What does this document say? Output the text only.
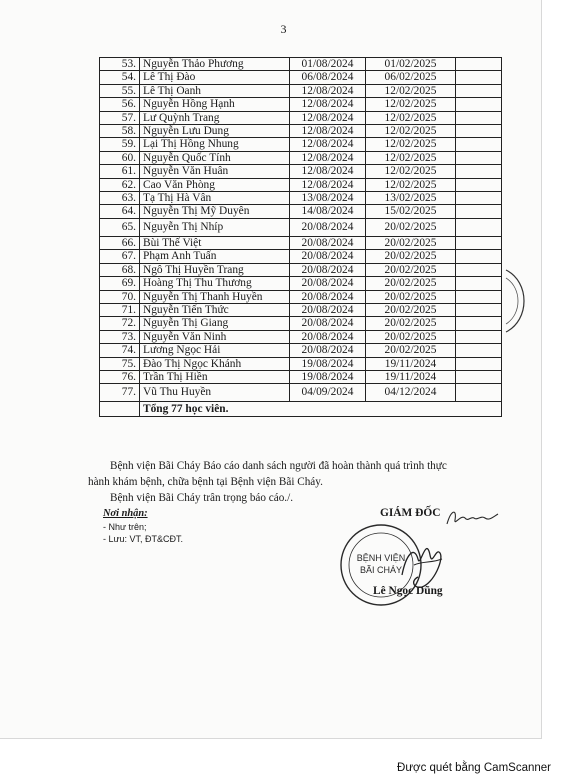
3
53.	Nguyễn Thảo Phương	01/08/2024	01/02/2025	
54.	Lê Thị Đào	06/08/2024	06/02/2025	
55.	Lê Thị Oanh	12/08/2024	12/02/2025	
56.	Nguyễn Hồng Hạnh	12/08/2024	12/02/2025	
57.	Lư Quỳnh Trang	12/08/2024	12/02/2025	
58.	Nguyễn Lưu Dung	12/08/2024	12/02/2025	
59.	Lại Thị Hồng Nhung	12/08/2024	12/02/2025	
60.	Nguyễn Quốc Tính	12/08/2024	12/02/2025	
61.	Nguyễn Văn Huân	12/08/2024	12/02/2025	
62.	Cao Văn Phòng	12/08/2024	12/02/2025	
63.	Tạ Thị Hà Vân	13/08/2024	13/02/2025	
64.	Nguyễn Thị Mỹ Duyên	14/08/2024	15/02/2025	
65.	Nguyễn Thị Nhíp	20/08/2024	20/02/2025	
66.	Bùi Thế Việt	20/08/2024	20/02/2025	
67.	Phạm Anh Tuấn	20/08/2024	20/02/2025	
68.	Ngô Thị Huyền Trang	20/08/2024	20/02/2025	
69.	Hoàng Thị Thu Thương	20/08/2024	20/02/2025	
70.	Nguyễn Thị Thanh Huyền	20/08/2024	20/02/2025	
71.	Nguyễn Tiến Thức	20/08/2024	20/02/2025	
72.	Nguyễn Thị Giang	20/08/2024	20/02/2025	
73.	Nguyễn Văn Ninh	20/08/2024	20/02/2025	
74.	Lương Ngọc Hải	20/08/2024	20/02/2025	
75.	Đào Thị Ngọc Khánh	19/08/2024	19/11/2024	
76.	Trần Thị Hiền	19/08/2024	19/11/2024	
77.	Vũ Thu Huyền	04/09/2024	04/12/2024	
	Tổng 77 học viên.			
Bệnh viện Bãi Cháy Báo cáo danh sách người đã hoàn thành quá trình thực
hành khám bệnh, chữa bệnh tại Bệnh viện Bãi Cháy.
Bệnh viện Bãi Cháy trân trọng báo cáo./.
Nơi nhận:
- Như trên;
- Lưu: VT, ĐT&CĐT.
GIÁM ĐỐC
BỆNH VIỆN
BÃI CHÁY
Lê Ngọc Dũng
Được quét bằng CamScanner
